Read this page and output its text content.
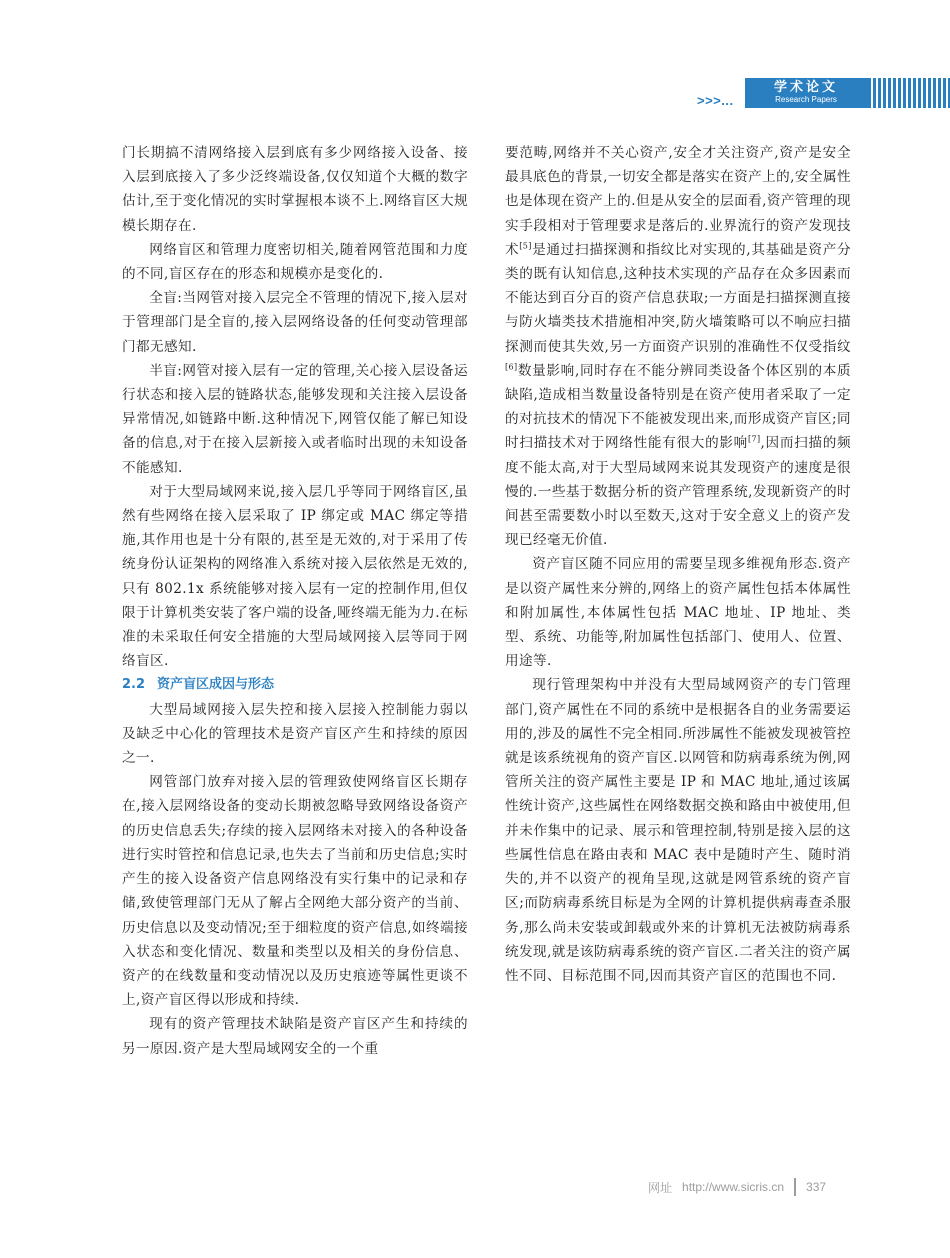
>>>...
学术论文
Research Papers

门长期搞不清网络接入层到底有多少网络接入设备、接入层到底接入了多少泛终端设备,仅仅知道个大概的数字估计,至于变化情况的实时掌握根本谈不上.网络盲区大规模长期存在.

网络盲区和管理力度密切相关,随着网管范围和力度的不同,盲区存在的形态和规模亦是变化的.

全盲:当网管对接入层完全不管理的情况下,接入层对于管理部门是全盲的,接入层网络设备的任何变动管理部门都无感知.

半盲:网管对接入层有一定的管理,关心接入层设备运行状态和接入层的链路状态,能够发现和关注接入层设备异常情况,如链路中断.这种情况下,网管仅能了解已知设备的信息,对于在接入层新接入或者临时出现的未知设备不能感知.

对于大型局域网来说,接入层几乎等同于网络盲区,虽然有些网络在接入层采取了 IP 绑定或 MAC 绑定等措施,其作用也是十分有限的,甚至是无效的,对于采用了传统身份认证架构的网络准入系统对接入层依然是无效的,只有 802.1x 系统能够对接入层有一定的控制作用,但仅限于计算机类安装了客户端的设备,哑终端无能为力.在标准的未采取任何安全措施的大型局域网接入层等同于网络盲区.

2.2 资产盲区成因与形态

大型局域网接入层失控和接入层接入控制能力弱以及缺乏中心化的管理技术是资产盲区产生和持续的原因之一.

网管部门放弃对接入层的管理致使网络盲区长期存在,接入层网络设备的变动长期被忽略导致网络设备资产的历史信息丢失;存续的接入层网络未对接入的各种设备进行实时管控和信息记录,也失去了当前和历史信息;实时产生的接入设备资产信息网络没有实行集中的记录和存储,致使管理部门无从了解占全网绝大部分资产的当前、历史信息以及变动情况;至于细粒度的资产信息,如终端接入状态和变化情况、数量和类型以及相关的身份信息、资产的在线数量和变动情况以及历史痕迹等属性更谈不上,资产盲区得以形成和持续.

现有的资产管理技术缺陷是资产盲区产生和持续的另一原因.资产是大型局域网安全的一个重

要范畴,网络并不关心资产,安全才关注资产,资产是安全最具底色的背景,一切安全都是落实在资产上的,安全属性也是体现在资产上的.但是从安全的层面看,资产管理的现实手段相对于管理要求是落后的.业界流行的资产发现技术[5]是通过扫描探测和指纹比对实现的,其基础是资产分类的既有认知信息,这种技术实现的产品存在众多因素而不能达到百分百的资产信息获取;一方面是扫描探测直接与防火墙类技术措施相冲突,防火墙策略可以不响应扫描探测而使其失效,另一方面资产识别的准确性不仅受指纹[6]数量影响,同时存在不能分辨同类设备个体区别的本质缺陷,造成相当数量设备特别是在资产使用者采取了一定的对抗技术的情况下不能被发现出来,而形成资产盲区;同时扫描技术对于网络性能有很大的影响[7],因而扫描的频度不能太高,对于大型局域网来说其发现资产的速度是很慢的.一些基于数据分析的资产管理系统,发现新资产的时间甚至需要数小时以至数天,这对于安全意义上的资产发现已经毫无价值.

资产盲区随不同应用的需要呈现多维视角形态.资产是以资产属性来分辨的,网络上的资产属性包括本体属性和附加属性,本体属性包括 MAC 地址、IP 地址、类型、系统、功能等,附加属性包括部门、使用人、位置、用途等.

现行管理架构中并没有大型局域网资产的专门管理部门,资产属性在不同的系统中是根据各自的业务需要运用的,涉及的属性不完全相同.所涉属性不能被发现被管控就是该系统视角的资产盲区.以网管和防病毒系统为例,网管所关注的资产属性主要是 IP 和 MAC 地址,通过该属性统计资产,这些属性在网络数据交换和路由中被使用,但并未作集中的记录、展示和管理控制,特别是接入层的这些属性信息在路由表和 MAC 表中是随时产生、随时消失的,并不以资产的视角呈现,这就是网管系统的资产盲区;而防病毒系统目标是为全网的计算机提供病毒查杀服务,那么尚未安装或卸载或外来的计算机无法被防病毒系统发现,就是该防病毒系统的资产盲区.二者关注的资产属性不同、目标范围不同,因而其资产盲区的范围也不同.

网址 http://www.sicris.cn 337
